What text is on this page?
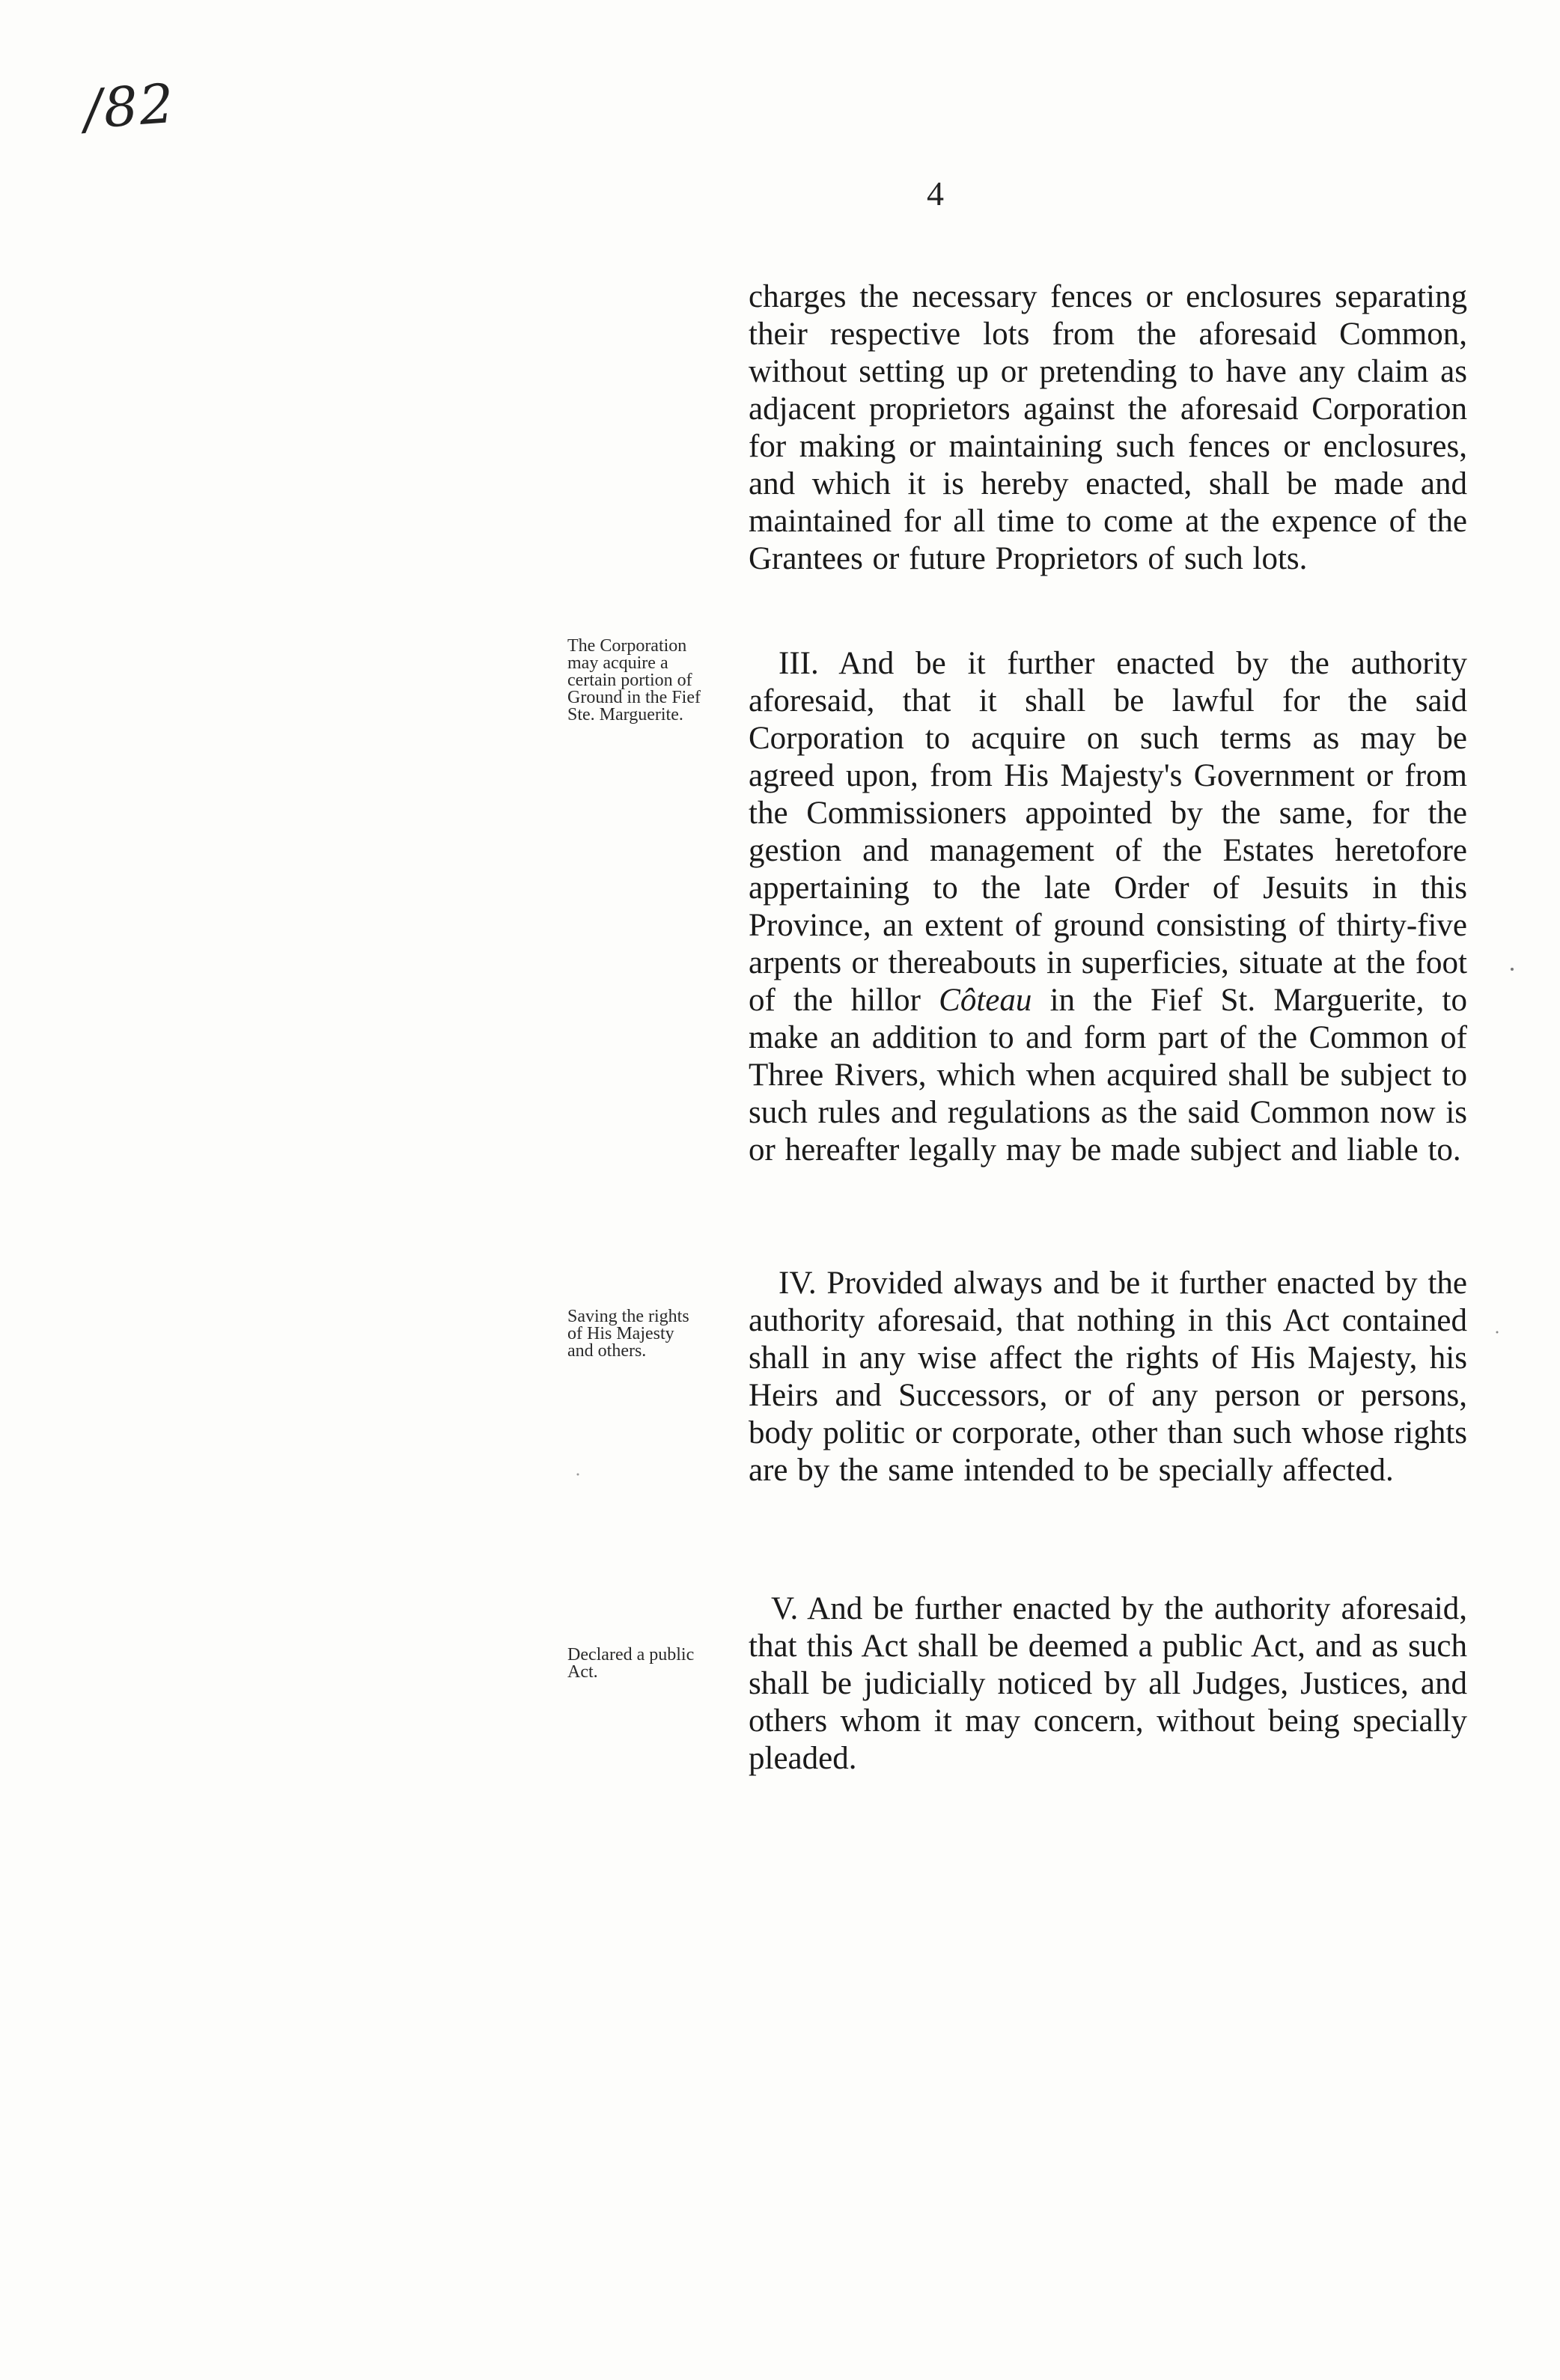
/82
4

charges the necessary fences or enclosures separating their respective lots from the aforesaid Common, without setting up or pretending to have any claim as adjacent proprietors against the aforesaid Corporation for making or maintaining such fences or enclosures, and which it is hereby enacted, shall be made and maintained for all time to come at the expence of the Grantees or future Proprietors of such lots.

The Corporation may acquire a certain portion of Ground in the Fief Ste. Marguerite.

III. And be it further enacted by the authority aforesaid, that it shall be lawful for the said Corporation to acquire on such terms as may be agreed upon, from His Majesty's Government or from the Commissioners appointed by the same, for the gestion and management of the Estates heretofore appertaining to the late Order of Jesuits in this Province, an extent of ground consisting of thirty-five arpents or thereabouts in superficies, situate at the foot of the hillor Côteau in the Fief St. Marguerite, to make an addition to and form part of the Common of Three Rivers, which when acquired shall be subject to such rules and regulations as the said Common now is or hereafter legally may be made subject and liable to.

Saving the rights of His Majesty and others.

IV. Provided always and be it further enacted by the authority aforesaid, that nothing in this Act contained shall in any wise affect the rights of His Majesty, his Heirs and Successors, or of any person or persons, body politic or corporate, other than such whose rights are by the same intended to be specially affected.

Declared a public Act.

V. And be further enacted by the authority aforesaid, that this Act shall be deemed a public Act, and as such shall be judicially noticed by all Judges, Justices, and others whom it may concern, without being specially pleaded.
